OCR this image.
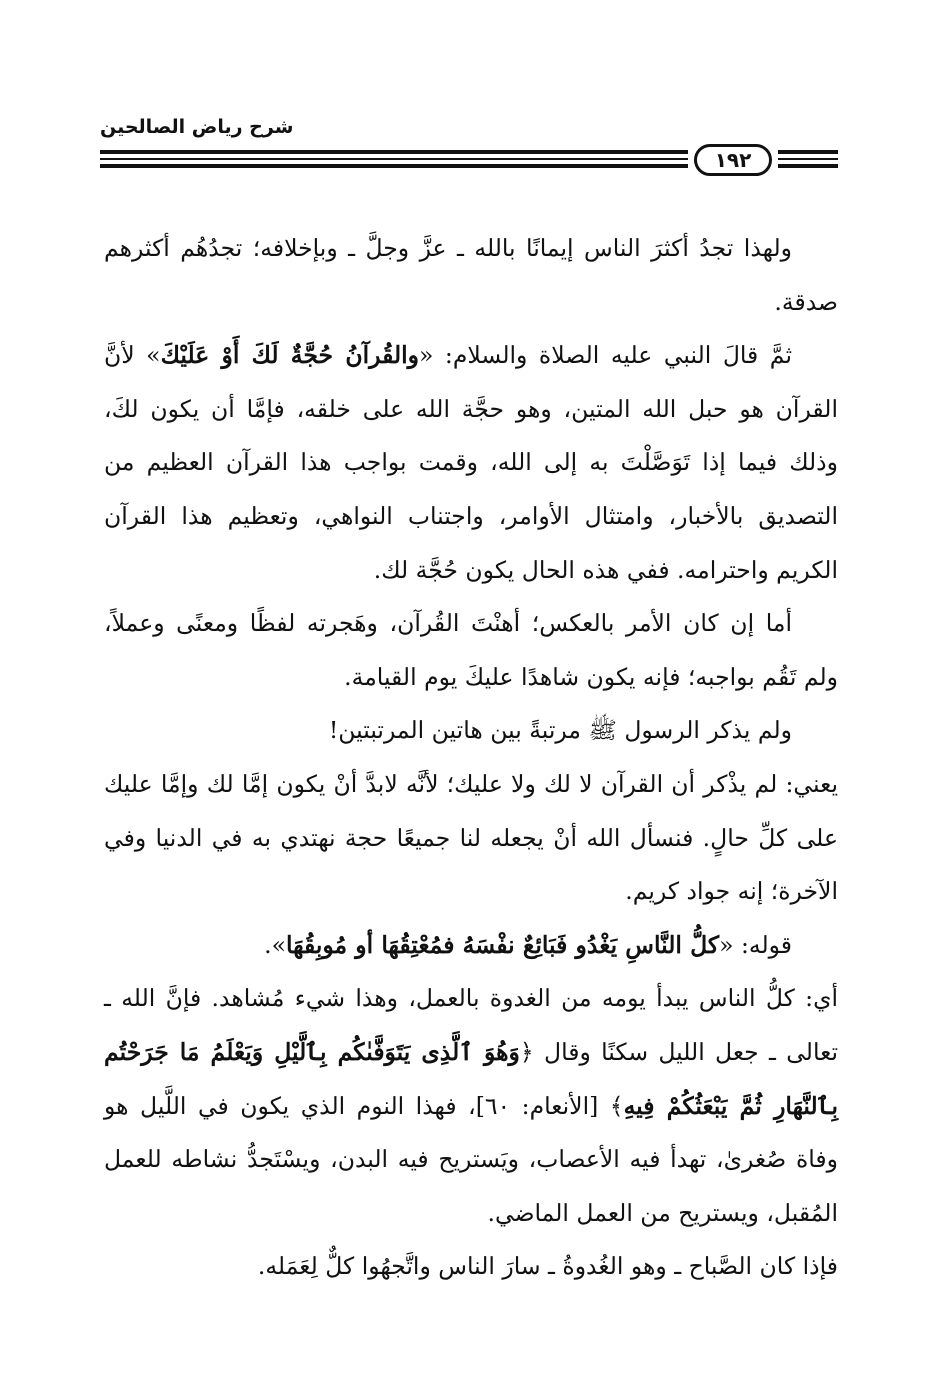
شرح رياض الصالحين
١٩٢

ولهذا تجدُ أكثرَ الناس إيمانًا بالله ـ عزَّ وجلَّ ـ وبإخلافه؛ تجدُهُم أكثرهم صدقة.

ثمَّ قالَ النبي عليه الصلاة والسلام: «والقُرآنُ حُجَّةٌ لَكَ أَوْ عَلَيْكَ» لأنَّ القرآن هو حبل الله المتين، وهو حجَّة الله على خلقه، فإمَّا أن يكون لكَ، وذلك فيما إذا تَوَصَّلْتَ به إلى الله، وقمت بواجب هذا القرآن العظيم من التصديق بالأخبار، وامتثال الأوامر، واجتناب النواهي، وتعظيم هذا القرآن الكريم واحترامه. ففي هذه الحال يكون حُجَّة لك.

أما إن كان الأمر بالعكس؛ أهنْتَ القُرآن، وهَجرته لفظًا ومعنًى وعملاً، ولم تَقُم بواجبه؛ فإنه يكون شاهدًا عليكَ يوم القيامة.

ولم يذكر الرسول ﷺ مرتبةً بين هاتين المرتبتين!

يعني: لم يذْكر أن القرآن لا لك ولا عليك؛ لأنَّه لابدَّ أنْ يكون إمَّا لك وإمَّا عليك على كلِّ حالٍ. فنسأل الله أنْ يجعله لنا جميعًا حجة نهتدي به في الدنيا وفي الآخرة؛ إنه جواد كريم.

قوله: «كلُّ النَّاسِ يَغْدُو فَبَائِعٌ نفْسَهُ فمُعْتِقُهَا أو مُوبِقُهَا».

أي: كلُّ الناس يبدأ يومه من الغدوة بالعمل، وهذا شيء مُشاهد. فإنَّ الله ـ تعالى ـ جعل الليل سكنًا وقال ﴿وَهُوَ ٱلَّذِى يَتَوَفَّىٰكُم بِٱلَّيْلِ وَيَعْلَمُ مَا جَرَحْتُم بِٱلنَّهَارِ ثُمَّ يَبْعَثُكُمْ فِيهِ﴾ [الأنعام: ٦٠]، فهذا النوم الذي يكون في اللَّيل هو وفاة صُغرىٰ، تهدأ فيه الأعصاب، ويَستريح فيه البدن، ويسْتَجدُّ نشاطه للعمل المُقبل، ويستريح من العمل الماضي.

فإذا كان الصَّباح ـ وهو الغُدوةُ ـ سارَ الناس واتَّجهُوا كلٌّ لِعَمَله.
